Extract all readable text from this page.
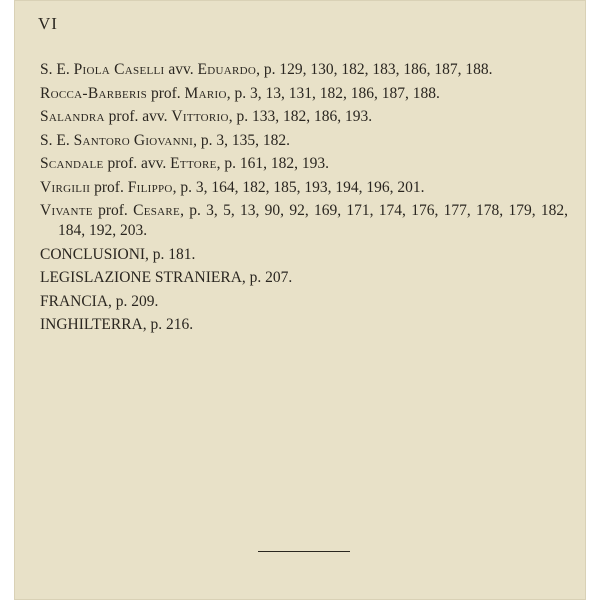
VI

S. E. Piola Caselli avv. Eduardo, p. 129, 130, 182, 183, 186, 187, 188.

Rocca-Barberis prof. Mario, p. 3, 13, 131, 182, 186, 187, 188.

Salandra prof. avv. Vittorio, p. 133, 182, 186, 193.

S. E. Santoro Giovanni, p. 3, 135, 182.

Scandale prof. avv. Ettore, p. 161, 182, 193.

Virgilii prof. Filippo, p. 3, 164, 182, 185, 193, 194, 196, 201.

Vivante prof. Cesare, p. 3, 5, 13, 90, 92, 169, 171, 174, 176, 177, 178, 179, 182, 184, 192, 203.

CONCLUSIONI, p. 181.

LEGISLAZIONE STRANIERA, p. 207.

FRANCIA, p. 209.

INGHILTERRA, p. 216.
